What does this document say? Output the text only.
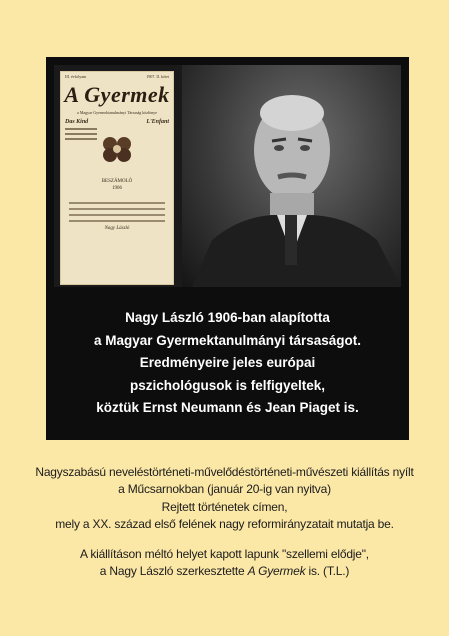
III. évfolyam	1907. II. kötet
A Gyermek
a Magyar Gyermektanulmányi Társaság közlönye
Das Kind	L'Enfant
BESZÁMOLÓ
1906
Nagy László
Nagy László 1906-ban alapította
a Magyar Gyermektanulmányi társaságot.
Eredményeire jeles európai
pszichológusok is felfigyeltek,
köztük Ernst Neumann és Jean Piaget is.
Nagyszabású neveléstörténeti-művelődéstörténeti-művészeti kiállítás nyílt
a Műcsarnokban (január 20-ig van nyitva)
Rejtett történetek címen,
mely a XX. század első felének nagy reformirányzatait mutatja be.
A kiállításon méltó helyet kapott lapunk "szellemi elődje",
a Nagy László szerkesztette A Gyermek is. (T.L.)
